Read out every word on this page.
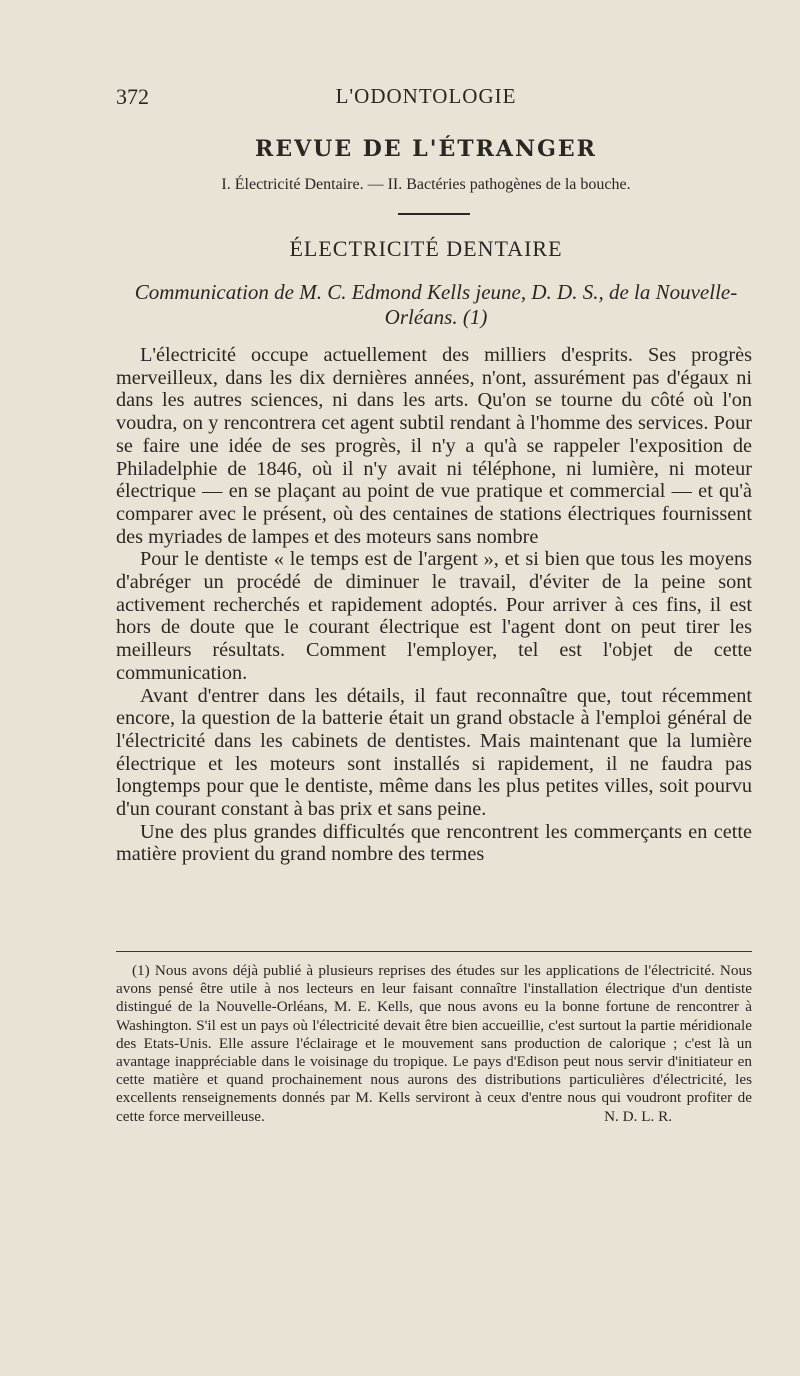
372	L'ODONTOLOGIE
REVUE DE L'ÉTRANGER
I. Électricité Dentaire. — II. Bactéries pathogènes de la bouche.
ÉLECTRICITÉ DENTAIRE
Communication de M. C. Edmond Kells jeune, D. D. S., de la Nouvelle-Orléans. (1)

L'électricité occupe actuellement des milliers d'esprits. Ses progrès merveilleux, dans les dix dernières années, n'ont, assurément pas d'égaux ni dans les autres sciences, ni dans les arts. Qu'on se tourne du côté où l'on voudra, on y rencontrera cet agent subtil rendant à l'homme des services. Pour se faire une idée de ses progrès, il n'y a qu'à se rappeler l'exposition de Philadelphie de 1846, où il n'y avait ni téléphone, ni lumière, ni moteur électrique — en se plaçant au point de vue pratique et commercial — et qu'à comparer avec le présent, où des centaines de stations électriques fournissent des myriades de lampes et des moteurs sans nombre

Pour le dentiste « le temps est de l'argent », et si bien que tous les moyens d'abréger un procédé de diminuer le travail, d'éviter de la peine sont activement recherchés et rapidement adoptés. Pour arriver à ces fins, il est hors de doute que le courant électrique est l'agent dont on peut tirer les meilleurs résultats. Comment l'employer, tel est l'objet de cette communication.

Avant d'entrer dans les détails, il faut reconnaître que, tout récemment encore, la question de la batterie était un grand obstacle à l'emploi général de l'électricité dans les cabinets de dentistes. Mais maintenant que la lumière électrique et les moteurs sont installés si rapidement, il ne faudra pas longtemps pour que le dentiste, même dans les plus petites villes, soit pourvu d'un courant constant à bas prix et sans peine.

Une des plus grandes difficultés que rencontrent les commerçants en cette matière provient du grand nombre des termes

(1) Nous avons déjà publié à plusieurs reprises des études sur les applications de l'électricité. Nous avons pensé être utile à nos lecteurs en leur faisant connaître l'installation électrique d'un dentiste distingué de la Nouvelle-Orléans, M. E. Kells, que nous avons eu la bonne fortune de rencontrer à Washington. S'il est un pays où l'électricité devait être bien accueillie, c'est surtout la partie méridionale des Etats-Unis. Elle assure l'éclairage et le mouvement sans production de calorique ; c'est là un avantage inappréciable dans le voisinage du tropique. Le pays d'Edison peut nous servir d'initiateur en cette matière et quand prochainement nous aurons des distributions particulières d'électricité, les excellents renseignements donnés par M. Kells serviront à ceux d'entre nous qui voudront profiter de cette force merveilleuse.	N. D. L. R.
